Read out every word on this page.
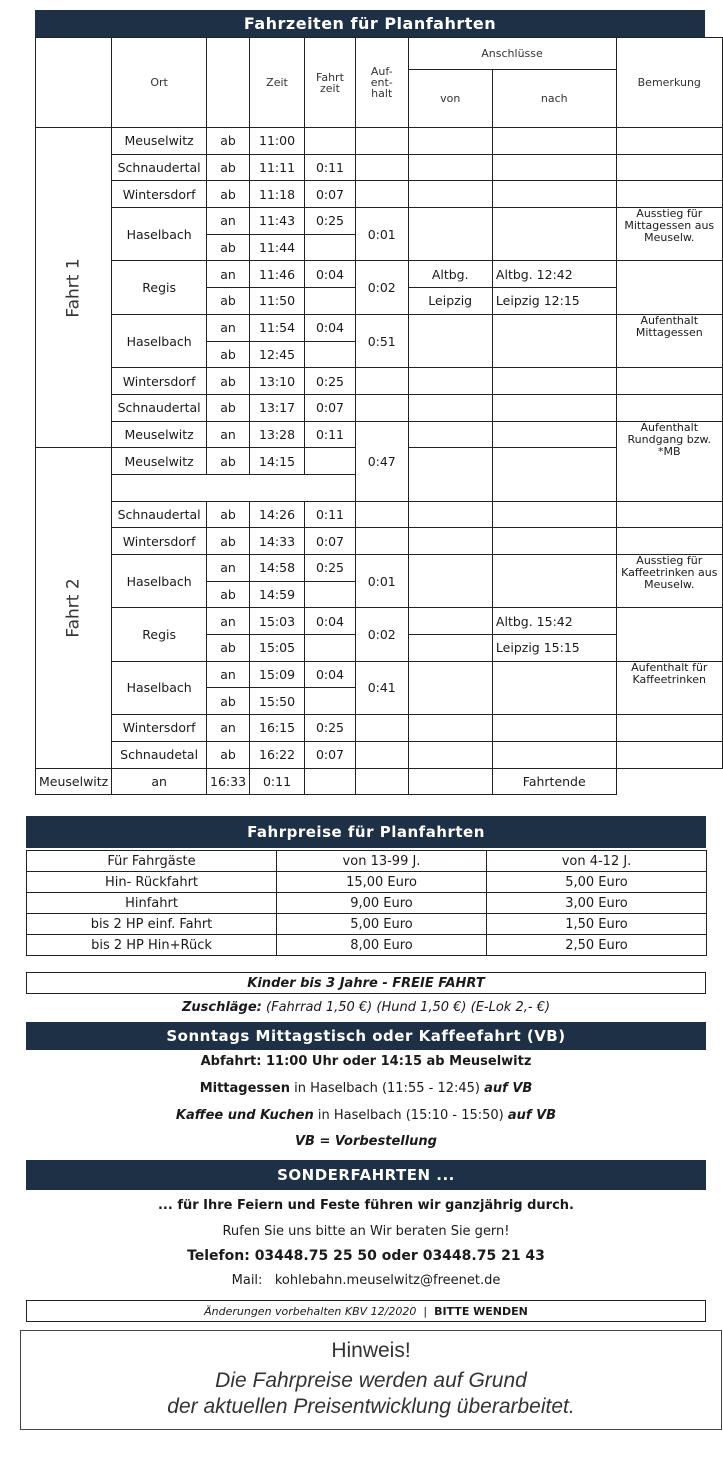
Fahrzeiten für Planfahrten
	Ort		Zeit	Fahrt zeit	Auf- ent- halt	Anschlüsse		Bemerkung
						von	nach	
Fahrt 1	Meuselwitz	ab	11:00					
	Schnaudertal	ab	11:11	0:11				
	Wintersdorf	ab	11:18	0:07				
	Haselbach	an	11:43	0:25	0:01			Ausstieg für Mittagessen aus Meuselw.
		ab	11:44					
	Regis	an	11:46	0:04	0:02	Altbg.	Altbg. 12:42	
		ab	11:50			Leipzig	Leipzig 12:15	
	Haselbach	an	11:54	0:04	0:51			Aufenthalt Mittagessen
		ab	12:45					
	Wintersdorf	ab	13:10	0:25				
	Schnaudertal	ab	13:17	0:07				
	Meuselwitz	an	13:28	0:11	0:47			Aufenthalt Rundgang bzw. *MB
Fahrt 2	Meuselwitz	ab	14:15					

	Schnaudertal	ab	14:26	0:11				
	Wintersdorf	ab	14:33	0:07				
	Haselbach	an	14:58	0:25	0:01			Ausstieg für Kaffeetrinken aus Meuselw.
		ab	14:59					
	Regis	an	15:03	0:04	0:02		Altbg. 15:42	
		ab	15:05				Leipzig 15:15	
	Haselbach	an	15:09	0:04	0:41			Aufenthalt für Kaffeetrinken
		ab	15:50					
	Wintersdorf	an	16:15	0:25				
	Schnaudetal	ab	16:22	0:07				
Meuselwitz	an	16:33	0:11				Fahrtende	
Fahrpreise für Planfahrten
Für Fahrgäste	von 13-99 J.	von 4-12 J.
Hin- Rückfahrt	15,00 Euro	5,00 Euro
Hinfahrt	9,00 Euro	3,00 Euro
bis 2 HP einf. Fahrt	5,00 Euro	1,50 Euro
bis 2 HP Hin+Rück	8,00 Euro	2,50 Euro
Kinder bis 3 Jahre - FREIE FAHRT
Zuschläge: (Fahrrad 1,50 €) (Hund 1,50 €) (E-Lok 2,- €)
Sonntags Mittagstisch oder Kaffeefahrt (VB)
Abfahrt: 11:00 Uhr oder 14:15 ab Meuselwitz
Mittagessen in Haselbach (11:55 - 12:45) auf VB
Kaffee und Kuchen in Haselbach (15:10 - 15:50) auf VB
VB = Vorbestellung
SONDERFAHRTEN ...
... für Ihre Feiern und Feste führen wir ganzjährig durch.
Rufen Sie uns bitte an Wir beraten Sie gern!
Telefon: 03448.75 25 50 oder 03448.75 21 43
Mail: kohlebahn.meuselwitz@freenet.de
Änderungen vorbehalten KBV 12/2020 | BITTE WENDEN
Hinweis!
Die Fahrpreise werden auf Grund
der aktuellen Preisentwicklung überarbeitet.
